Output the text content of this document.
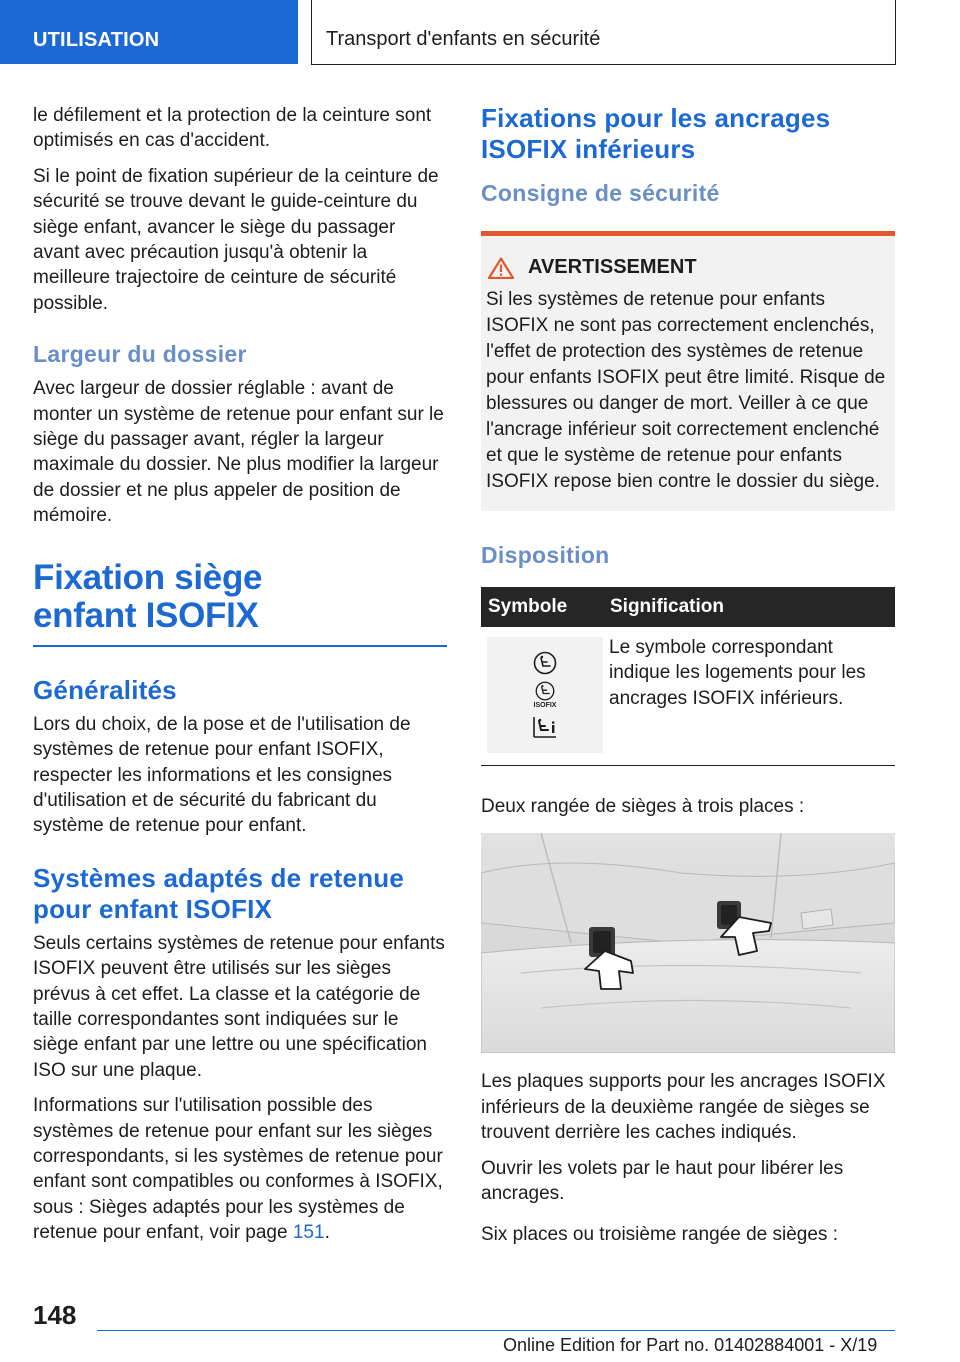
UTILISATION	Transport d'enfants en sécurité

le défilement et la protection de la ceinture sont optimisés en cas d'accident.

Si le point de fixation supérieur de la ceinture de sécurité se trouve devant le guide-ceinture du siège enfant, avancer le siège du passager avant avec précaution jusqu'à obtenir la meilleure trajectoire de ceinture de sécurité possible.

Largeur du dossier

Avec largeur de dossier réglable : avant de monter un système de retenue pour enfant sur le siège du passager avant, régler la largeur maximale du dossier. Ne plus modifier la largeur de dossier et ne plus appeler de position de mémoire.

Fixation siège enfant ISOFIX
Généralités

Lors du choix, de la pose et de l'utilisation de systèmes de retenue pour enfant ISOFIX, respecter les informations et les consignes d'utilisation et de sécurité du fabricant du système de retenue pour enfant.

Systèmes adaptés de retenue pour enfant ISOFIX

Seuls certains systèmes de retenue pour enfants ISOFIX peuvent être utilisés sur les sièges prévus à cet effet. La classe et la catégorie de taille correspondantes sont indiquées sur le siège enfant par une lettre ou une spécification ISO sur une plaque.

Informations sur l'utilisation possible des systèmes de retenue pour enfant sur les sièges correspondants, si les systèmes de retenue pour enfant sont compatibles ou conformes à ISOFIX, sous : Sièges adaptés pour les systèmes de retenue pour enfant, voir page 151.

Fixations pour les ancrages ISOFIX inférieurs
Consigne de sécurité
AVERTISSEMENT

Si les systèmes de retenue pour enfants ISOFIX ne sont pas correctement enclenchés, l'effet de protection des systèmes de retenue pour enfants ISOFIX peut être limité. Risque de blessures ou danger de mort. Veiller à ce que l'ancrage inférieur soit correctement enclenché et que le système de retenue pour enfants ISOFIX repose bien contre le dossier du siège.

Disposition
Symbole	Signification

ISOFIX	Le symbole correspondant indique les logements pour les ancrages ISOFIX inférieurs.

Deux rangée de sièges à trois places :

Les plaques supports pour les ancrages ISOFIX inférieurs de la deuxième rangée de sièges se trouvent derrière les caches indiqués.

Ouvrir les volets par le haut pour libérer les ancrages.

Six places ou troisième rangée de sièges :

148
Online Edition for Part no. 01402884001 - X/19
